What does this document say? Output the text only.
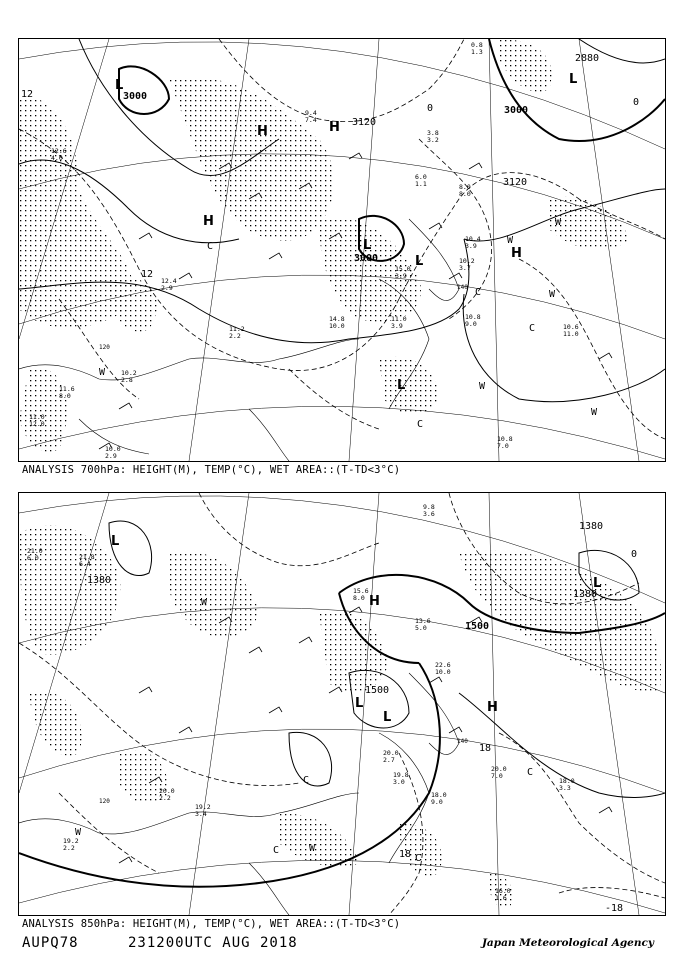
3000
3000
3000
3120
3120
2880
12
12
0
0
140
120
L
L
L
L
L
H	H
H
H
W
W
W
W
W
W
C
C
C
C
12.6
4.0
10.2
2.8
11.6
8.0
11.0
12.0
10.0
2.9
10.4
3.9
10.2
3.7
10.8
9.0	10.6
11.0
10.8
7.0
11.0
3.9
14.8
10.0
11.2
2.2
12.4
2.9
3.8
3.2
6.0
1.1	8.0
8.0
0.8
1.3
9.4
7.4
15.0
3.9
ANALYSIS 700hPa: HEIGHT(M), TEMP(°C), WET AREA::(T-TD<3°C)
1380
1380
1500
1500
1380
18
18
-18
0
140
120
L
L
L
L
H
H
W
W
W
C
C
C
C
21.0
6.0
20.0
7.0
18.0
3.3
16.0
1.6
19.8
3.0
20.0
2.7
22.6
10.0
15.6
8.0
13.6
5.0
19.2
2.2
21.8
6.4
20.0
2.2	18.0
9.0
19.2
3.4
9.8
3.6
ANALYSIS 850hPa: HEIGHT(M), TEMP(°C), WET AREA::(T-TD<3°C)
AUPQ78	231200UTC AUG 2018	Japan Meteorological Agency
